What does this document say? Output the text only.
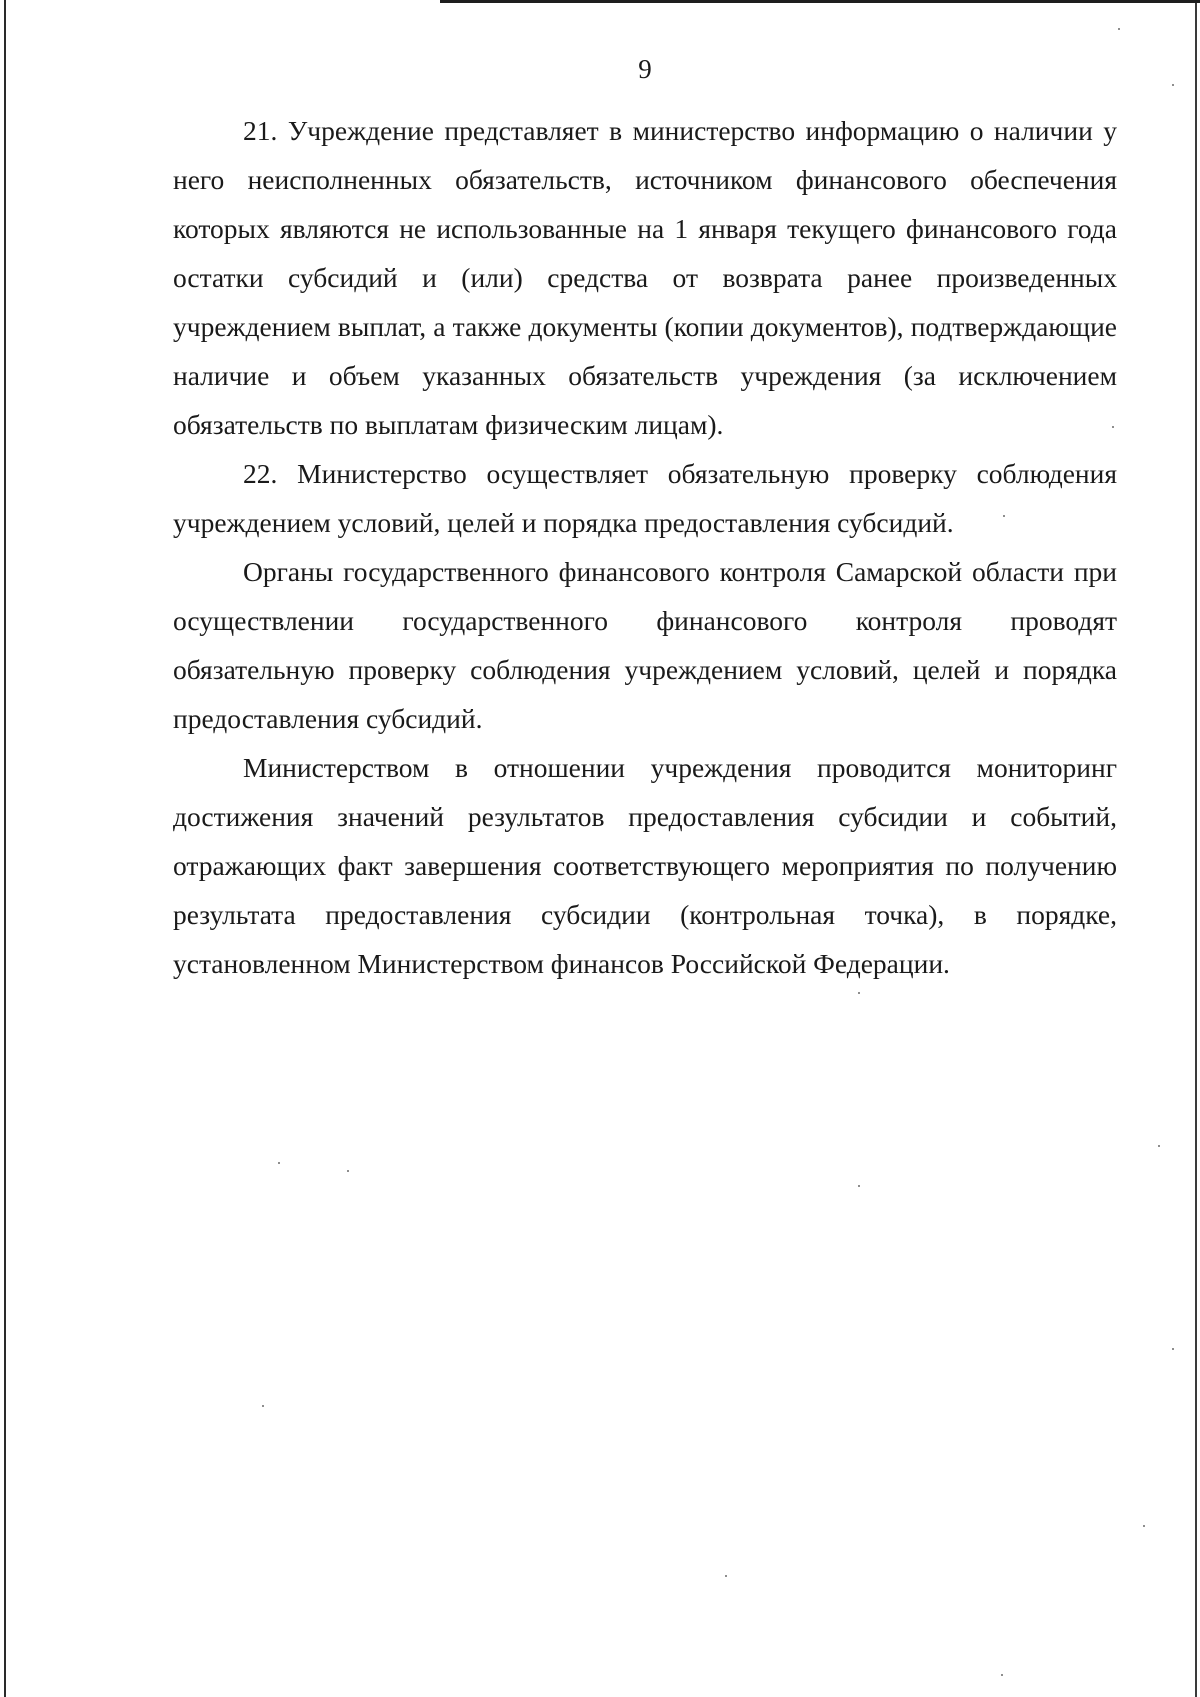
9

21. Учреждение представляет в министерство информацию о наличии у него неисполненных обязательств, источником финансового обеспечения которых являются не использованные на 1 января текущего финансового года остатки субсидий и (или) средства от возврата ранее произведенных учреждением выплат, а также документы (копии документов), подтверждающие наличие и объем указанных обязательств учреждения (за исключением обязательств по выплатам физическим лицам).

22. Министерство осуществляет обязательную проверку соблюдения учреждением условий, целей и порядка предоставления субсидий.

Органы государственного финансового контроля Самарской области при осуществлении государственного финансового контроля проводят обязательную проверку соблюдения учреждением условий, целей и порядка предоставления субсидий.

Министерством в отношении учреждения проводится мониторинг достижения значений результатов предоставления субсидии и событий, отражающих факт завершения соответствующего мероприятия по получению результата предоставления субсидии (контрольная точка), в порядке, установленном Министерством финансов Российской Федерации.
